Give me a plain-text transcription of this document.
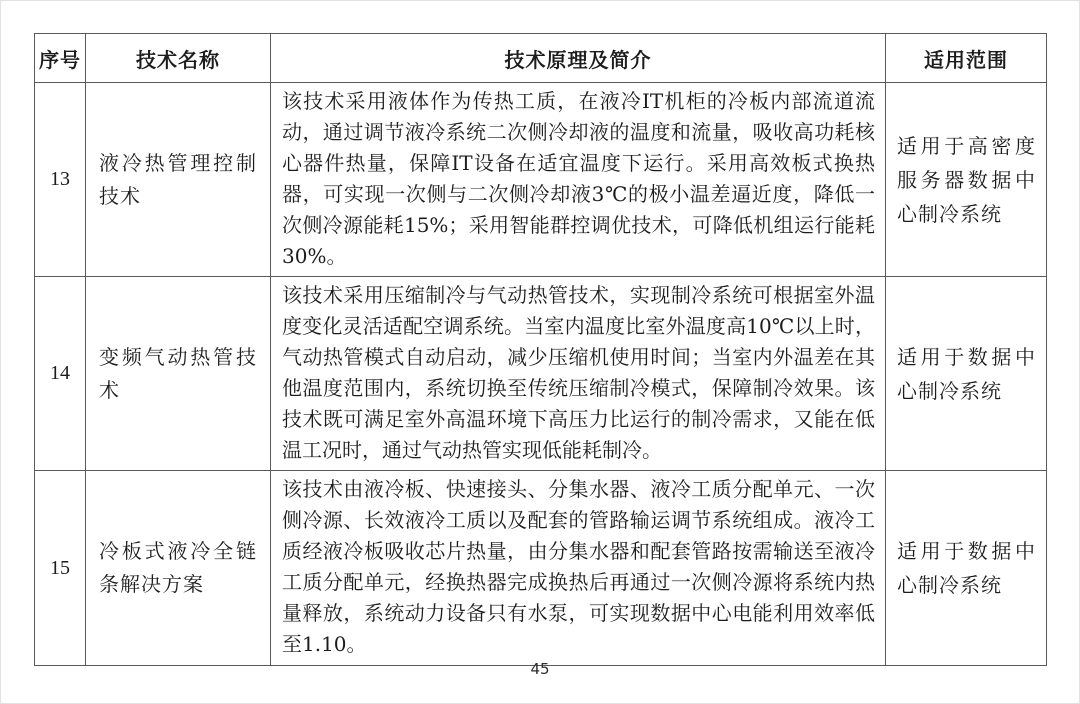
序号	技术名称	技术原理及简介	适用范围
13	液冷热管理控制技术	该技术采用液体作为传热工质，在液冷IT机柜的冷板内部流道流动，通过调节液冷系统二次侧冷却液的温度和流量，吸收高功耗核心器件热量，保障IT设备在适宜温度下运行。采用高效板式换热器，可实现一次侧与二次侧冷却液3℃的极小温差逼近度，降低一次侧冷源能耗15%；采用智能群控调优技术，可降低机组运行能耗30%。	适用于高密度服务器数据中心制冷系统
14	变频气动热管技术	该技术采用压缩制冷与气动热管技术，实现制冷系统可根据室外温度变化灵活适配空调系统。当室内温度比室外温度高10℃以上时，气动热管模式自动启动，减少压缩机使用时间；当室内外温差在其他温度范围内，系统切换至传统压缩制冷模式，保障制冷效果。该技术既可满足室外高温环境下高压力比运行的制冷需求，又能在低温工况时，通过气动热管实现低能耗制冷。	适用于数据中心制冷系统
15	冷板式液冷全链条解决方案	该技术由液冷板、快速接头、分集水器、液冷工质分配单元、一次侧冷源、长效液冷工质以及配套的管路输运调节系统组成。液冷工质经液冷板吸收芯片热量，由分集水器和配套管路按需输送至液冷工质分配单元，经换热器完成换热后再通过一次侧冷源将系统内热量释放，系统动力设备只有水泵，可实现数据中心电能利用效率低至1.10。	适用于数据中心制冷系统
45
